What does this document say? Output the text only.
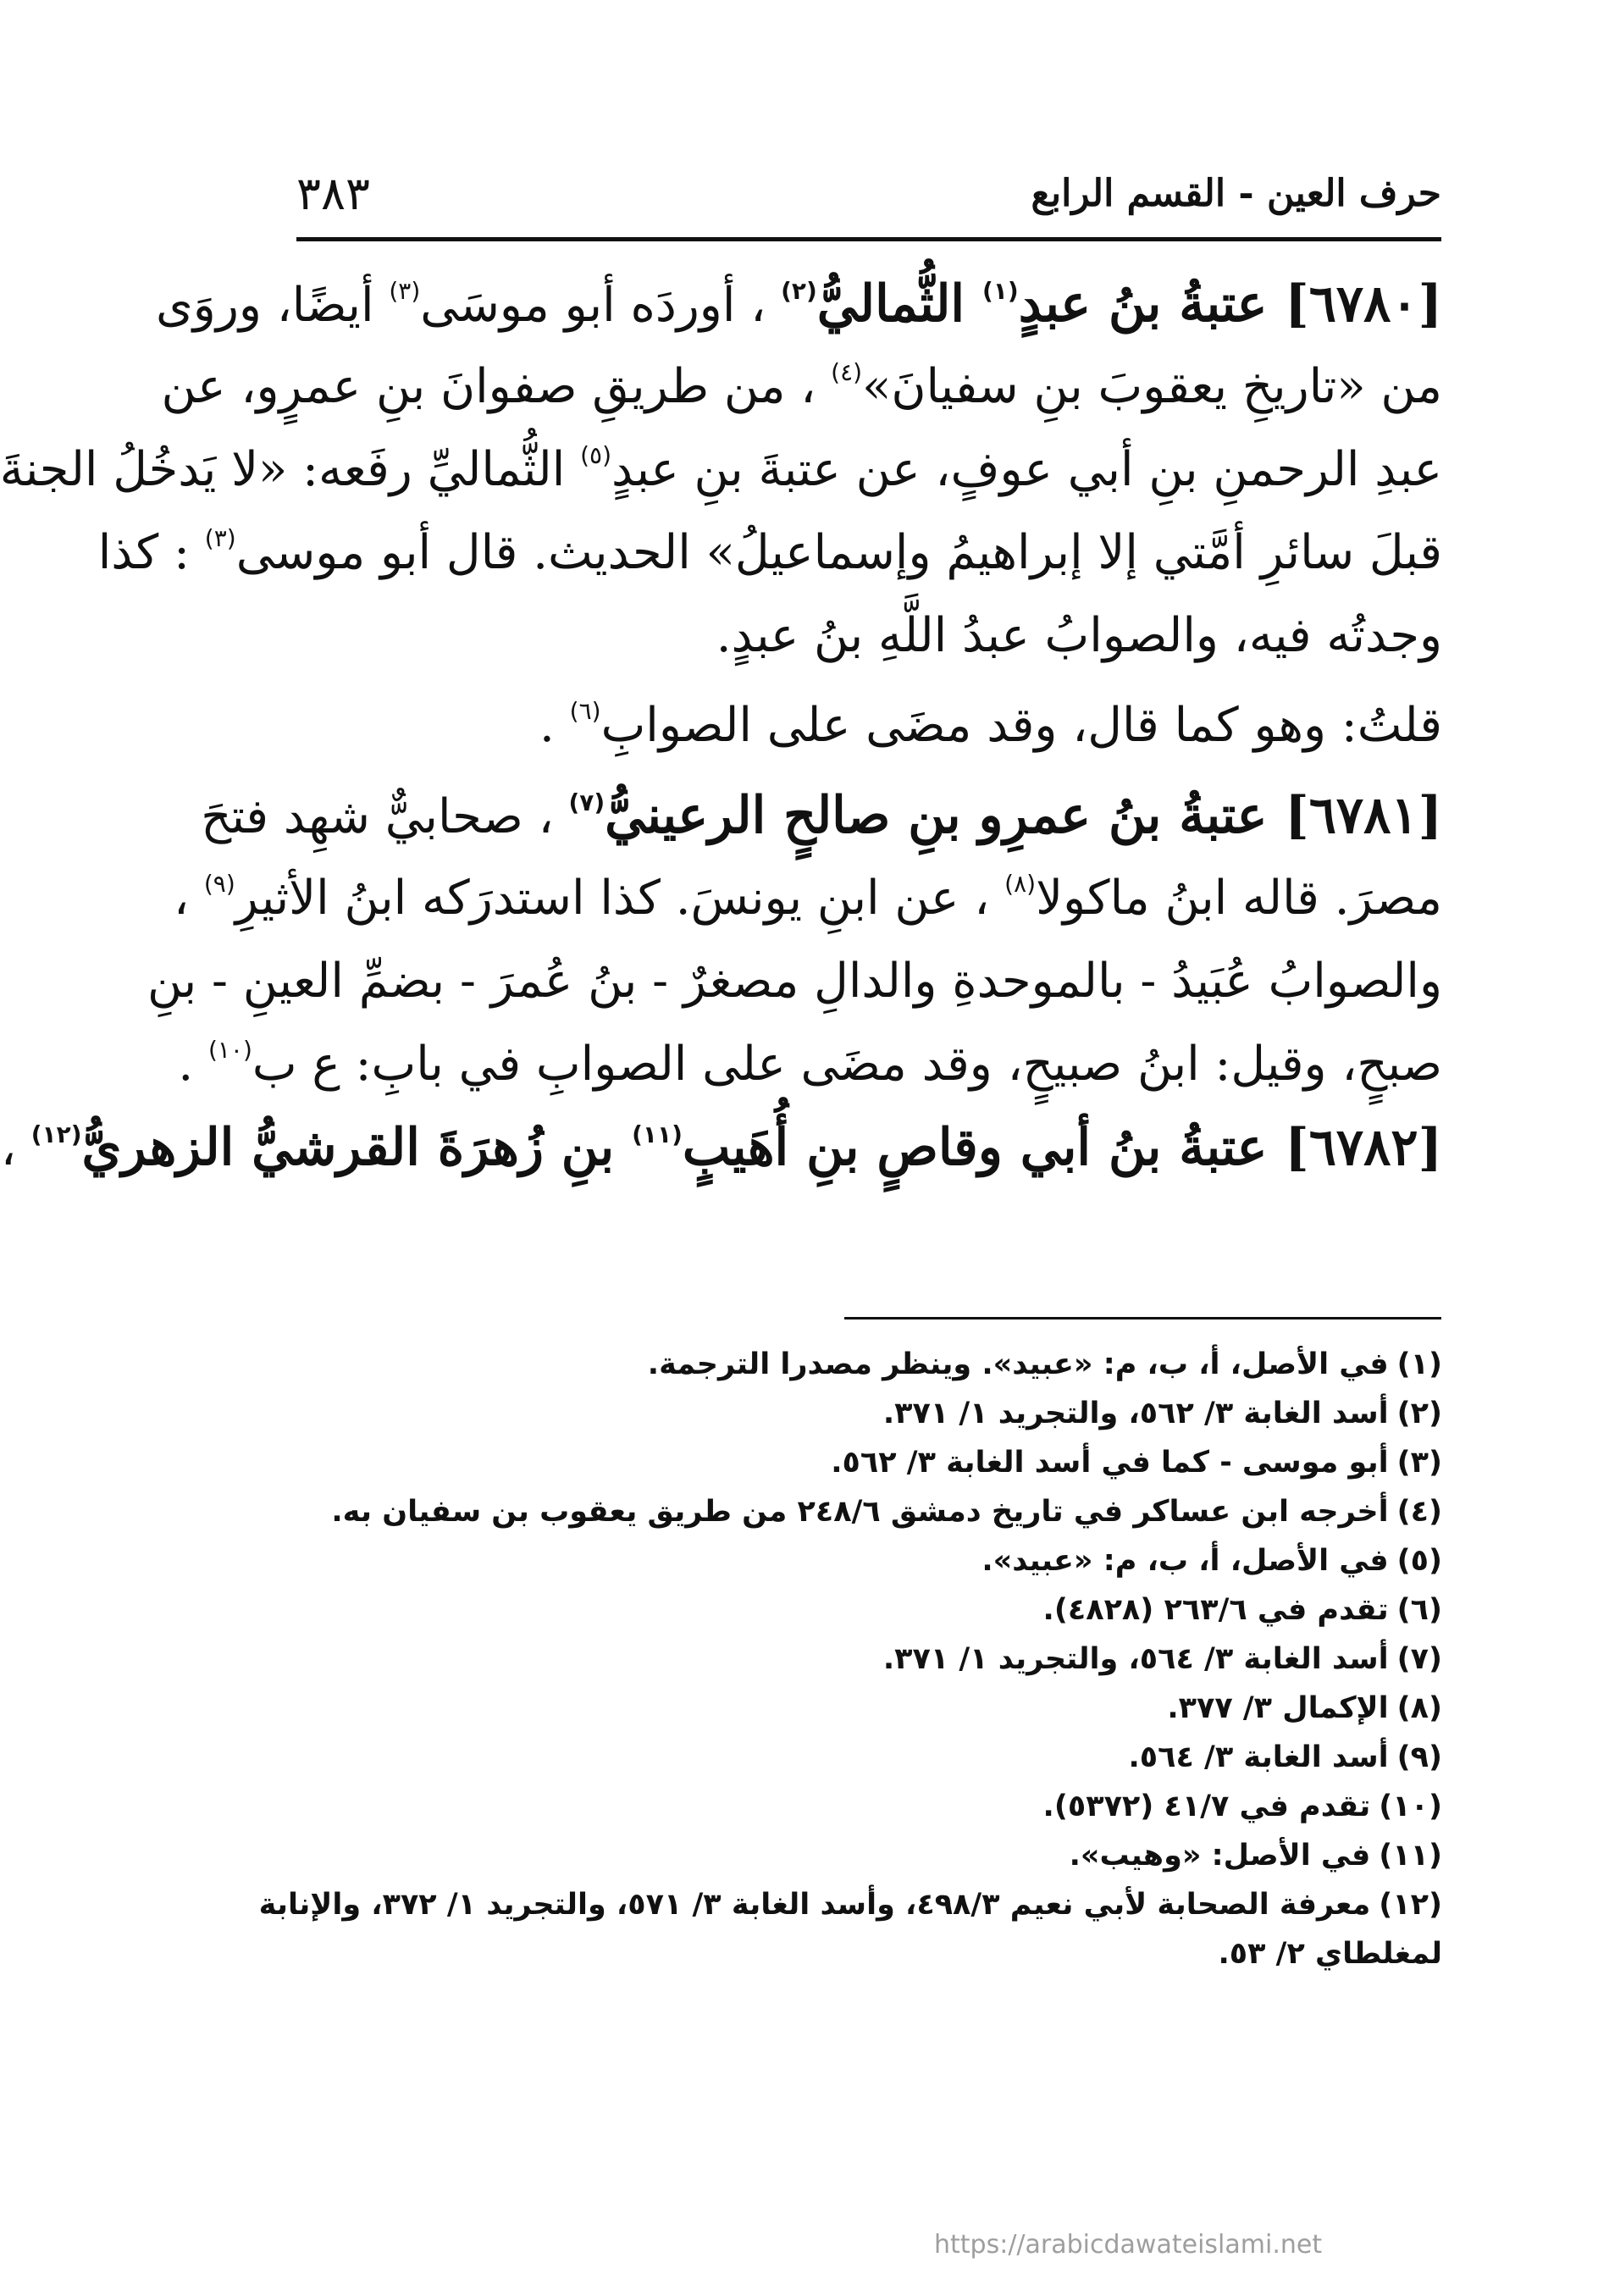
حرف العين - القسم الرابع
٣٨٣
[٦٧٨٠] عتبةُ بنُ عبدٍ$^{(١)}$ الثُّماليُّ$^{(٢)}$ ، أوردَه أبو موسَى$^{(٣)}$ أيضًا، وروَى
من «تاريخِ يعقوبَ بنِ سفيانَ»$^{(٤)}$ ، من طريقِ صفوانَ بنِ عمرٍو، عن
عبدِ الرحمنِ بنِ أبي عوفٍ، عن عتبةَ بنِ عبدٍ$^{(٥)}$ الثُّماليِّ رفَعه: «لا يَدخُلُ الجنةَ
قبلَ سائرِ أمَّتي إلا إبراهيمُ وإسماعيلُ» الحديث. قال أبو موسى$^{(٣)}$ : كذا
وجدتُه فيه، والصوابُ عبدُ اللَّهِ بنُ عبدٍ.
قلتُ: وهو كما قال، وقد مضَى على الصوابِ$^{(٦)}$ .
[٦٧٨١] عتبةُ بنُ عمرِو بنِ صالحٍ الرعينيُّ$^{(٧)}$ ، صحابيٌّ شهِد فتحَ
مصرَ. قاله ابنُ ماكولا$^{(٨)}$ ، عن ابنِ يونسَ. كذا استدرَكه ابنُ الأثيرِ$^{(٩)}$ ،
والصوابُ عُبَيدُ - بالموحدةِ والدالِ مصغرٌ - بنُ عُمرَ - بضمِّ العينِ - بنِ
صبحٍ، وقيل: ابنُ صبيحٍ، وقد مضَى على الصوابِ في بابِ: ع ب$^{(١٠)}$ .
[٦٧٨٢] عتبةُ بنُ أبي وقاصٍ بنِ أُهَيبٍ$^{(١١)}$ بنِ زُهرَةَ القرشيُّ الزهريُّ$^{(١٢)}$ ،
(١)في الأصل، أ، ب، م: «عبيد». وينظر مصدرا الترجمة.
(٢)أسد الغابة ٣/ ٥٦٢، والتجريد ١/ ٣٧١.
(٣)أبو موسى - كما في أسد الغابة ٣/ ٥٦٢.
(٤)أخرجه ابن عساكر في تاريخ دمشق ٢٤٨/٦ من طريق يعقوب بن سفيان به.
(٥)في الأصل، أ، ب، م: «عبيد».
(٦)تقدم في ٢٦٣/٦ (٤٨٢٨).
(٧)أسد الغابة ٣/ ٥٦٤، والتجريد ١/ ٣٧١.
(٨)الإكمال ٣/ ٣٧٧.
(٩)أسد الغابة ٣/ ٥٦٤.
(١٠)تقدم في ٤١/٧ (٥٣٧٢).
(١١)في الأصل: «وهيب».
(١٢)معرفة الصحابة لأبي نعيم ٤٩٨/٣، وأسد الغابة ٣/ ٥٧١، والتجريد ١/ ٣٧٢، والإنابة
لمغلطاي ٢/ ٥٣.
https://arabicdawateislami.net
